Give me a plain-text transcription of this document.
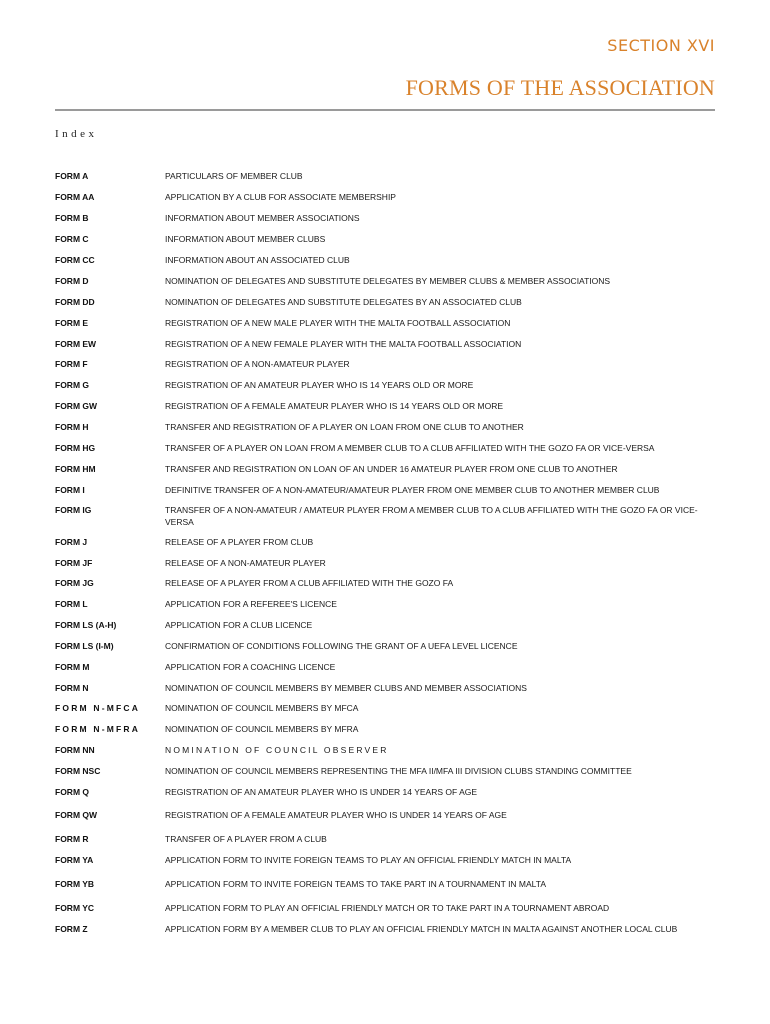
SECTION XVI
FORMS OF THE ASSOCIATION
Index
FORM A	PARTICULARS OF MEMBER CLUB
FORM AA	APPLICATION BY A CLUB FOR ASSOCIATE MEMBERSHIP
FORM B	INFORMATION ABOUT MEMBER ASSOCIATIONS
FORM C	INFORMATION ABOUT MEMBER CLUBS
FORM CC	INFORMATION ABOUT AN ASSOCIATED CLUB
FORM D	NOMINATION OF DELEGATES AND SUBSTITUTE DELEGATES BY MEMBER CLUBS & MEMBER ASSOCIATIONS
FORM DD	NOMINATION OF DELEGATES AND SUBSTITUTE DELEGATES BY AN ASSOCIATED CLUB
FORM E	REGISTRATION OF A NEW MALE PLAYER WITH THE MALTA FOOTBALL ASSOCIATION
FORM EW	REGISTRATION OF A NEW FEMALE PLAYER WITH THE MALTA FOOTBALL ASSOCIATION
FORM F	REGISTRATION OF A NON-AMATEUR PLAYER
FORM G	REGISTRATION OF AN AMATEUR PLAYER WHO IS 14 YEARS OLD OR MORE
FORM GW	REGISTRATION OF A FEMALE AMATEUR PLAYER WHO IS 14 YEARS OLD OR MORE
FORM H	TRANSFER AND REGISTRATION OF A PLAYER ON LOAN FROM ONE CLUB TO ANOTHER
FORM HG	TRANSFER OF A PLAYER ON LOAN FROM A MEMBER CLUB TO A CLUB AFFILIATED WITH THE GOZO FA OR VICE-VERSA
FORM HM	TRANSFER AND REGISTRATION ON LOAN OF AN UNDER 16 AMATEUR PLAYER FROM ONE CLUB TO ANOTHER
FORM I	DEFINITIVE TRANSFER OF A NON-AMATEUR/AMATEUR PLAYER FROM ONE MEMBER CLUB TO ANOTHER MEMBER CLUB
FORM IG	TRANSFER OF A NON-AMATEUR / AMATEUR PLAYER FROM A MEMBER CLUB TO A CLUB AFFILIATED WITH THE GOZO FA OR VICE-VERSA
FORM J	RELEASE OF A PLAYER FROM CLUB
FORM JF	RELEASE OF A NON-AMATEUR PLAYER
FORM JG	RELEASE OF A PLAYER FROM A CLUB AFFILIATED WITH THE GOZO FA
FORM L	APPLICATION FOR A REFEREE'S LICENCE
FORM LS (A-H)	APPLICATION FOR A CLUB LICENCE
FORM LS (I-M)	CONFIRMATION OF CONDITIONS FOLLOWING THE GRANT OF A UEFA LEVEL LICENCE
FORM M	APPLICATION FOR A COACHING LICENCE
FORM N	NOMINATION OF COUNCIL MEMBERS BY MEMBER CLUBS AND MEMBER ASSOCIATIONS
FORM N-MFCA	NOMINATION OF COUNCIL MEMBERS BY MFCA
FORM N-MFRA	NOMINATION OF COUNCIL MEMBERS BY MFRA
FORM NN	NOMINATION OF COUNCIL OBSERVER
FORM NSC	NOMINATION OF COUNCIL MEMBERS REPRESENTING THE MFA II/MFA III DIVISION CLUBS STANDING COMMITTEE
FORM Q	REGISTRATION OF AN AMATEUR PLAYER WHO IS UNDER 14 YEARS OF AGE
FORM QW	REGISTRATION OF A FEMALE AMATEUR PLAYER WHO IS UNDER 14 YEARS OF AGE
FORM R	TRANSFER OF A PLAYER FROM A CLUB
FORM YA	APPLICATION FORM TO INVITE FOREIGN TEAMS TO PLAY AN OFFICIAL FRIENDLY MATCH IN MALTA
FORM YB	APPLICATION FORM TO INVITE FOREIGN TEAMS TO TAKE PART IN A TOURNAMENT IN MALTA
FORM YC	APPLICATION FORM TO PLAY AN OFFICIAL FRIENDLY MATCH OR TO TAKE PART IN A TOURNAMENT ABROAD
FORM Z	APPLICATION FORM BY A MEMBER CLUB TO PLAY AN OFFICIAL FRIENDLY MATCH IN MALTA AGAINST ANOTHER LOCAL CLUB
